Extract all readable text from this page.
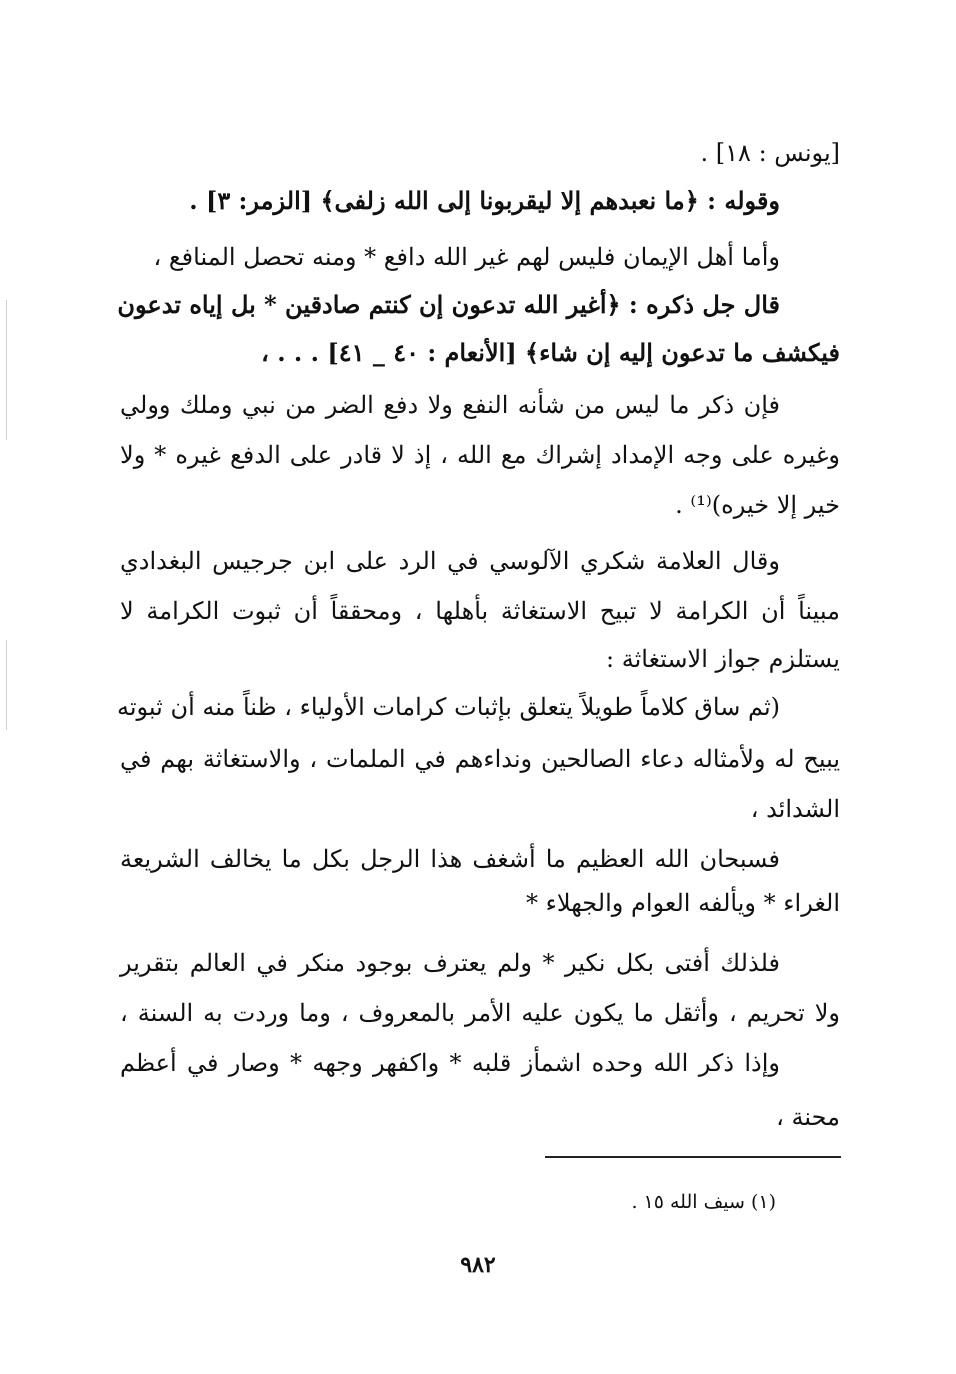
[يونس : ١٨] .
وقوله : ﴿ما نعبدهم إلا ليقربونا إلى الله زلفى﴾ [الزمر: ٣] .
وأما أهل الإيمان فليس لهم غير الله دافع * ومنه تحصل المنافع ،
قال جل ذكره : ﴿أغير الله تدعون إن كنتم صادقين * بل إياه تدعون
فيكشف ما تدعون إليه إن شاء﴾ [الأنعام : ٤٠ _ ٤١] . . . ،
فإن ذكر ما ليس من شأنه النفع ولا دفع الضر من نبي وملك وولي
وغيره على وجه الإمداد إشراك مع الله ، إذ لا قادر على الدفع غيره * ولا
خير إلا خيره)⁽¹⁾ .
وقال العلامة شكري الآلوسي في الرد على ابن جرجيس البغدادي
مبيناً أن الكرامة لا تبيح الاستغاثة بأهلها ، ومحققاً أن ثبوت الكرامة لا
يستلزم جواز الاستغاثة :
(ثم ساق كلاماً طويلاً يتعلق بإثبات كرامات الأولياء ، ظناً منه أن ثبوته
يبيح له ولأمثاله دعاء الصالحين ونداءهم في الملمات ، والاستغاثة بهم في
الشدائد ،
فسبحان الله العظيم ما أشغف هذا الرجل بكل ما يخالف الشريعة
الغراء * ويألفه العوام والجهلاء *
فلذلك أفتى بكل نكير * ولم يعترف بوجود منكر في العالم بتقرير
ولا تحريم ، وأثقل ما يكون عليه الأمر بالمعروف ، وما وردت به السنة ،
وإذا ذكر الله وحده اشمأز قلبه * واكفهر وجهه * وصار في أعظم
محنة ،
(١) سيف الله ١٥ .
٩٨٢
